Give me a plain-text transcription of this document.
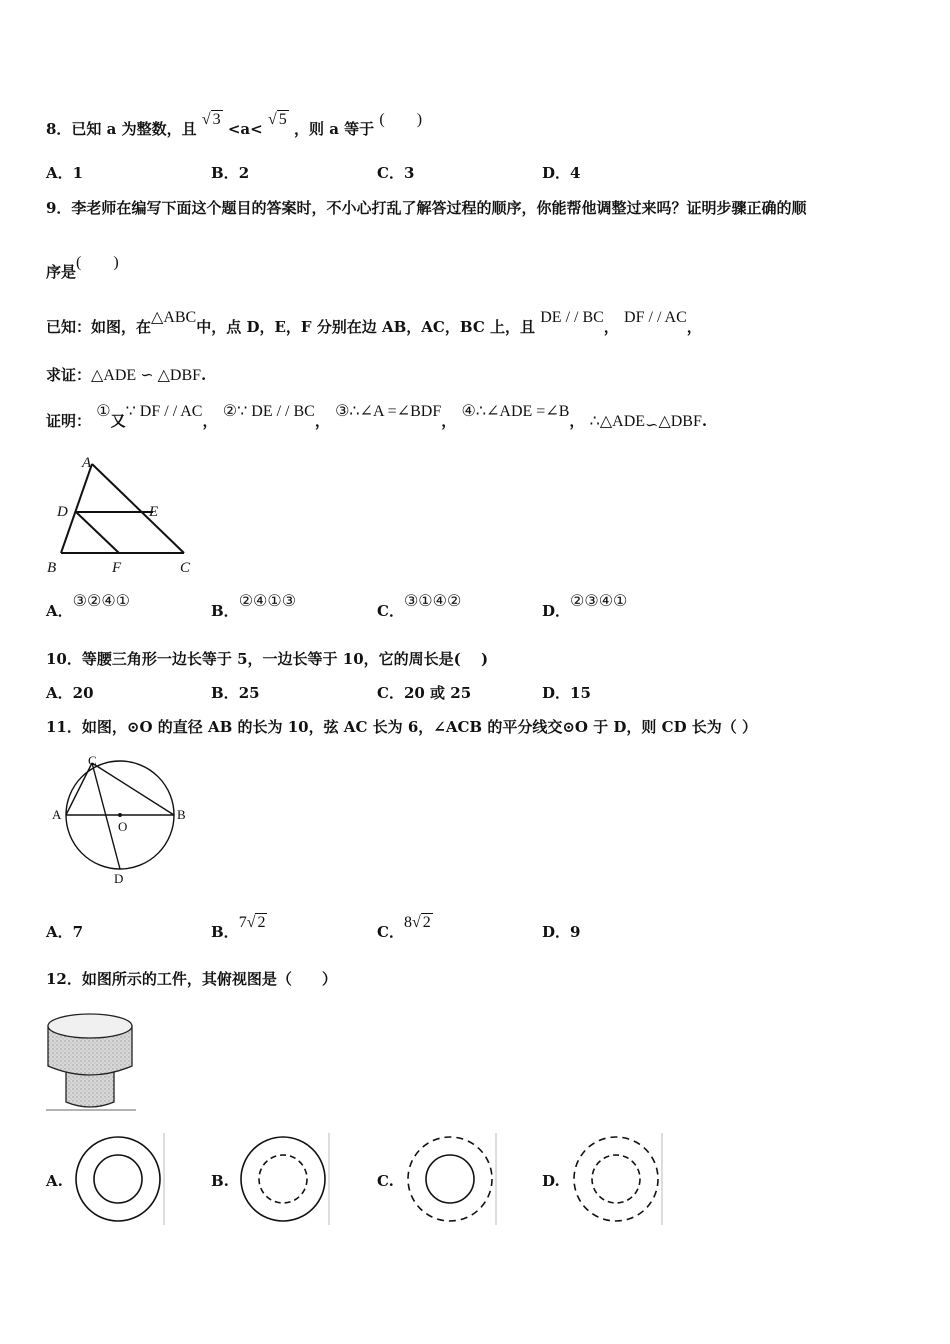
8．已知 a 为整数，且 √ 3 <a< √ 5 ，则 a 等于 (　　)
A．1	B．2	C．3	D．4
9．李老师在编写下面这个题目的答案时，不小心打乱了解答过程的顺序，你能帮他调整过来吗？证明步骤正确的顺
序是(　　)
已知：如图，在△ABC中，点 D，E，F 分别在边 AB，AC，BC 上，且 DE / / BC， DF / / AC，
求证：△ADE ∽ △DBF.
证明： ①又∵ DF / / AC， ②∵ DE / / BC， ③∴∠A =∠BDF， ④∴∠ADE =∠B， ∴△ADE∽△DBF.
A
D	E
B	F	C
A．③②④①
B．②④①③
C．③①④②
D．②③④①
10．等腰三角形一边长等于 5，一边长等于 10，它的周长是(　 )
A．20	B．25	C．20 或 25	D．15
11．如图，⊙O 的直径 AB 的长为 10，弦 AC 长为 6，∠ACB 的平分线交⊙O 于 D，则 CD 长为（ ）
C
A	B
O
D
A．7	B．7√ 2
C．8√ 2
D．9
12．如图所示的工件，其俯视图是（　　）
A.	B.	C.	D.
